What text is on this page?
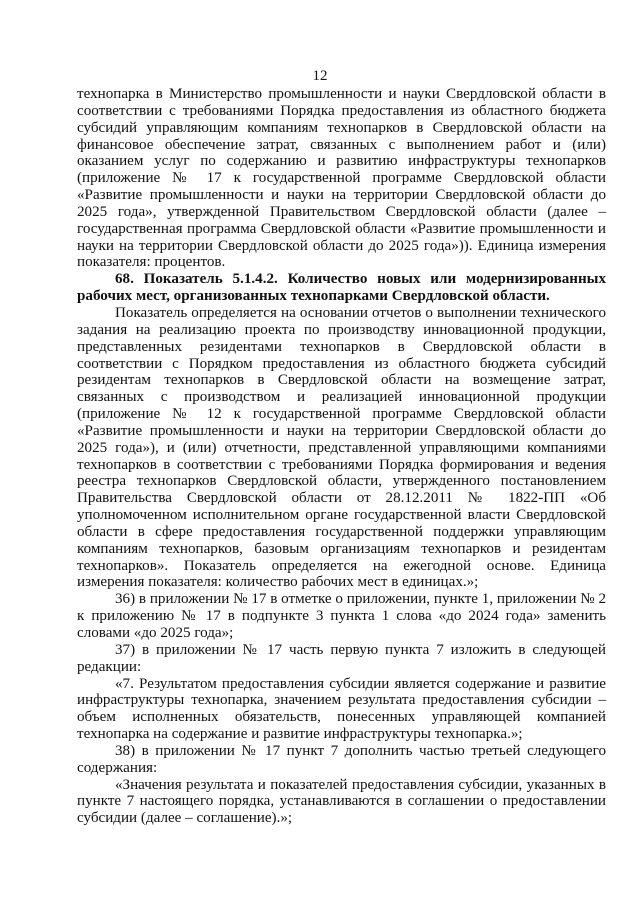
12

технопарка в Министерство промышленности и науки Свердловской области в соответствии с требованиями Порядка предоставления из областного бюджета субсидий управляющим компаниям технопарков в Свердловской области на финансовое обеспечение затрат, связанных с выполнением работ и (или) оказанием услуг по содержанию и развитию инфраструктуры технопарков (приложение № 17 к государственной программе Свердловской области «Развитие промышленности и науки на территории Свердловской области до 2025 года», утвержденной Правительством Свердловской области (далее – государственная программа Свердловской области «Развитие промышленности и науки на территории Свердловской области до 2025 года»)). Единица измерения показателя: процентов.

68. Показатель 5.1.4.2. Количество новых или модернизированных рабочих мест, организованных технопарками Свердловской области.

Показатель определяется на основании отчетов о выполнении технического задания на реализацию проекта по производству инновационной продукции, представленных резидентами технопарков в Свердловской области в соответствии с Порядком предоставления из областного бюджета субсидий резидентам технопарков в Свердловской области на возмещение затрат, связанных с производством и реализацией инновационной продукции (приложение № 12 к государственной программе Свердловской области «Развитие промышленности и науки на территории Свердловской области до 2025 года»), и (или) отчетности, представленной управляющими компаниями технопарков в соответствии с требованиями Порядка формирования и ведения реестра технопарков Свердловской области, утвержденного постановлением Правительства Свердловской области от 28.12.2011 № 1822-ПП «Об уполномоченном исполнительном органе государственной власти Свердловской области в сфере предоставления государственной поддержки управляющим компаниям технопарков, базовым организациям технопарков и резидентам технопарков». Показатель определяется на ежегодной основе. Единица измерения показателя: количество рабочих мест в единицах.»;

36) в приложении № 17 в отметке о приложении, пункте 1, приложении № 2 к приложению № 17 в подпункте 3 пункта 1 слова «до 2024 года» заменить словами «до 2025 года»;

37) в приложении № 17 часть первую пункта 7 изложить в следующей редакции:

«7. Результатом предоставления субсидии является содержание и развитие инфраструктуры технопарка, значением результата предоставления субсидии – объем исполненных обязательств, понесенных управляющей компанией технопарка на содержание и развитие инфраструктуры технопарка.»;

38) в приложении № 17 пункт 7 дополнить частью третьей следующего содержания:

«Значения результата и показателей предоставления субсидии, указанных в пункте 7 настоящего порядка, устанавливаются в соглашении о предоставлении субсидии (далее – соглашение).»;
